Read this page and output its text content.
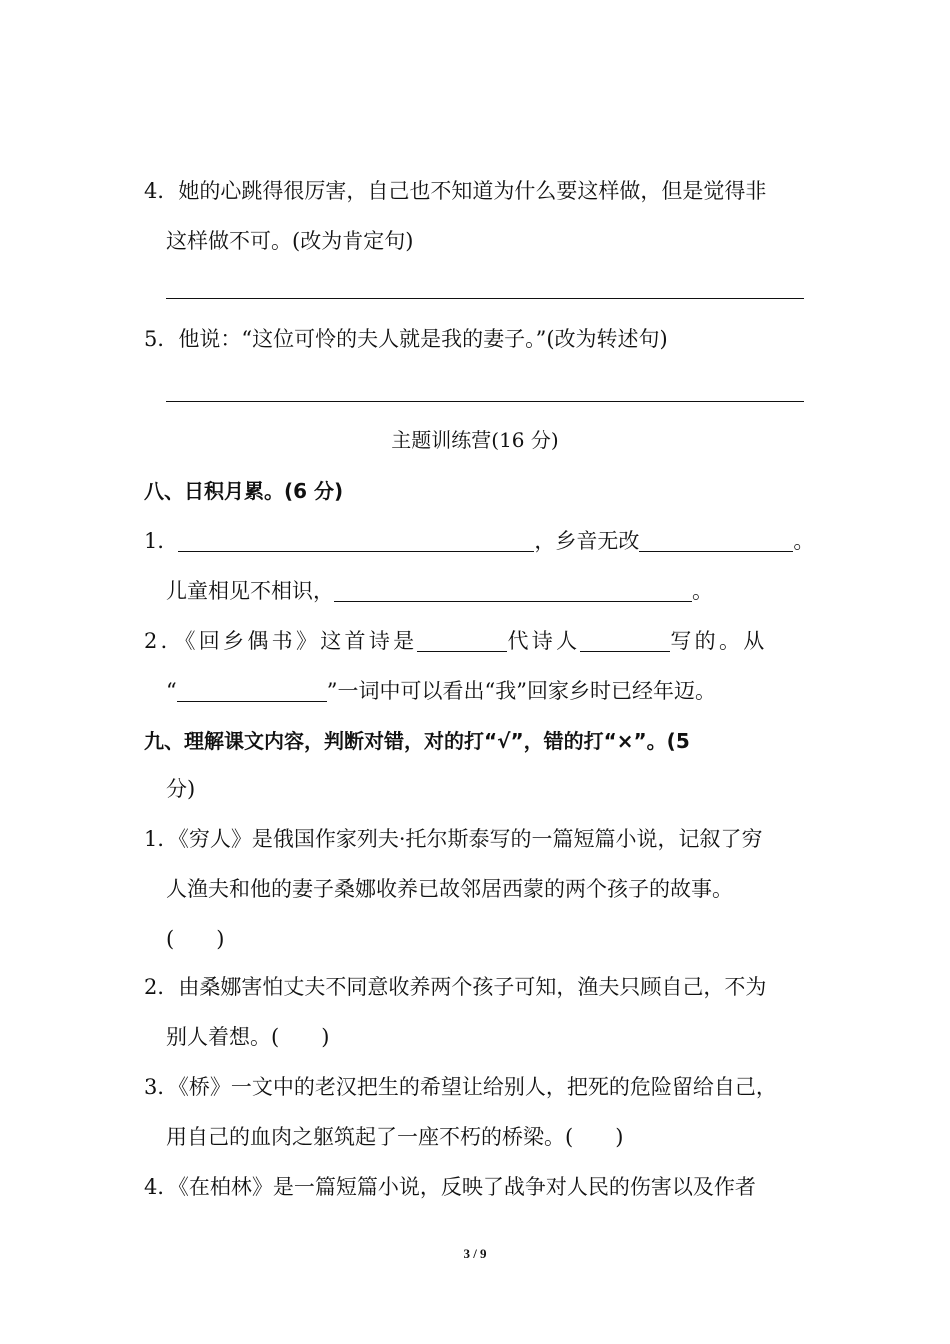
4．她的心跳得很厉害，自己也不知道为什么要这样做，但是觉得非
这样做不可。(改为肯定句)
5．他说：“这位可怜的夫人就是我的妻子。”(改为转述句)
主题训练营(16 分)
八、日积月累。(6 分)
1．	，乡音无改	。
儿童相见不相识，	。
2．《回乡偶书》这首诗是	代诗人	写的。从
“	”一词中可以看出“我”回家乡时已经年迈。
九、理解课文内容，判断对错，对的打“√”，错的打“×”。(5
分)
1．《穷人》是俄国作家列夫·托尔斯泰写的一篇短篇小说，记叙了穷
人渔夫和他的妻子桑娜收养已故邻居西蒙的两个孩子的故事。
(　　)
2．由桑娜害怕丈夫不同意收养两个孩子可知，渔夫只顾自己，不为
别人着想。(　　)
3．《桥》一文中的老汉把生的希望让给别人，把死的危险留给自己，
用自己的血肉之躯筑起了一座不朽的桥梁。(　　)
4．《在柏林》是一篇短篇小说，反映了战争对人民的伤害以及作者
3 / 9
